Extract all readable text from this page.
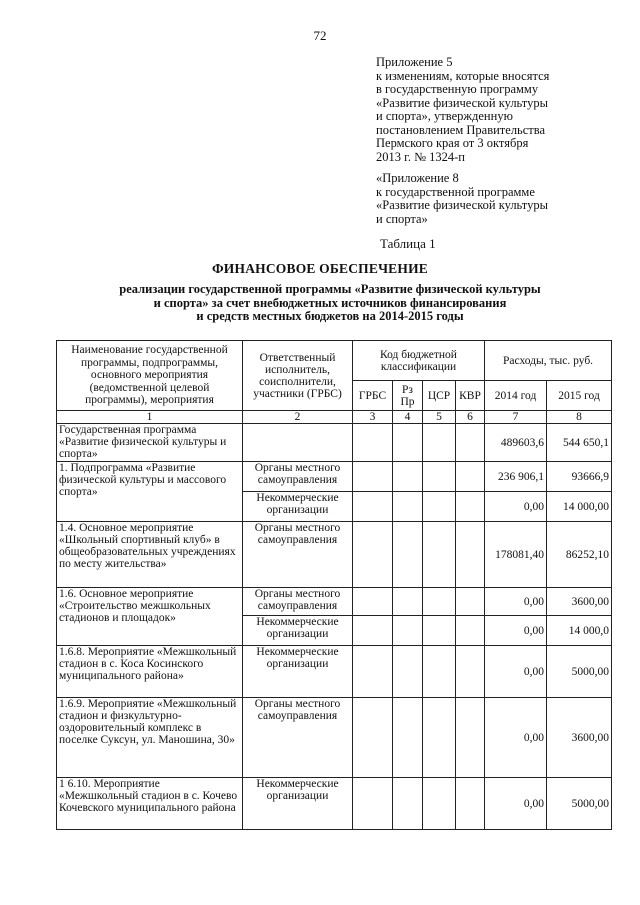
72
Приложение 5
к изменениям, которые вносятся
в государственную программу
«Развитие физической культуры
и спорта», утвержденную
постановлением Правительства
Пермского края от 3 октября
2013 г. № 1324-п
«Приложение 8
к государственной программе
«Развитие физической культуры
и спорта»
Таблица 1
ФИНАНСОВОЕ ОБЕСПЕЧЕНИЕ
реализации государственной программы «Развитие физической культуры
и спорта» за счет внебюджетных источников финансирования
и средств местных бюджетов на 2014-2015 годы
Наименование государственной программы, подпрограммы, основного мероприятия (ведомственной целевой программы), мероприятия	Ответственный исполнитель, соисполнители, участники (ГРБС)	Код бюджетной классификации				Расходы, тыс. руб.	
		ГРБС	Рз Пр	ЦСР	КВР	2014 год	2015 год
1	2	3	4	5	6	7	8
Государственная программа «Развитие физической культуры и спорта»						489603,6	544 650,1
1. Подпрограмма «Развитие физической культуры и массового спорта»	Органы местного самоуправления					236 906,1	93666,9
	Некоммерческие организации					0,00	14 000,00
1.4. Основное мероприятие «Школьный спортивный клуб» в общеобразовательных учреждениях по месту жительства»	Органы местного самоуправления					178081,40	86252,10
1.6. Основное мероприятие «Строительство межшкольных стадионов и площадок»	Органы местного самоуправления					0,00	3600,00
	Некоммерческие организации					0,00	14 000,0
1.6.8. Мероприятие «Межшкольный стадион в с. Коса Косинского муниципального района»	Некоммерческие организации					0,00	5000,00
1.6.9. Мероприятие «Межшкольный стадион и физкультурно-оздоровительный комплекс в поселке Суксун, ул. Маношина, 30»	Органы местного самоуправления					0,00	3600,00
1 6.10. Мероприятие «Межшкольный стадион в с. Кочево Кочевского муниципального района	Некоммерческие организации					0,00	5000,00
